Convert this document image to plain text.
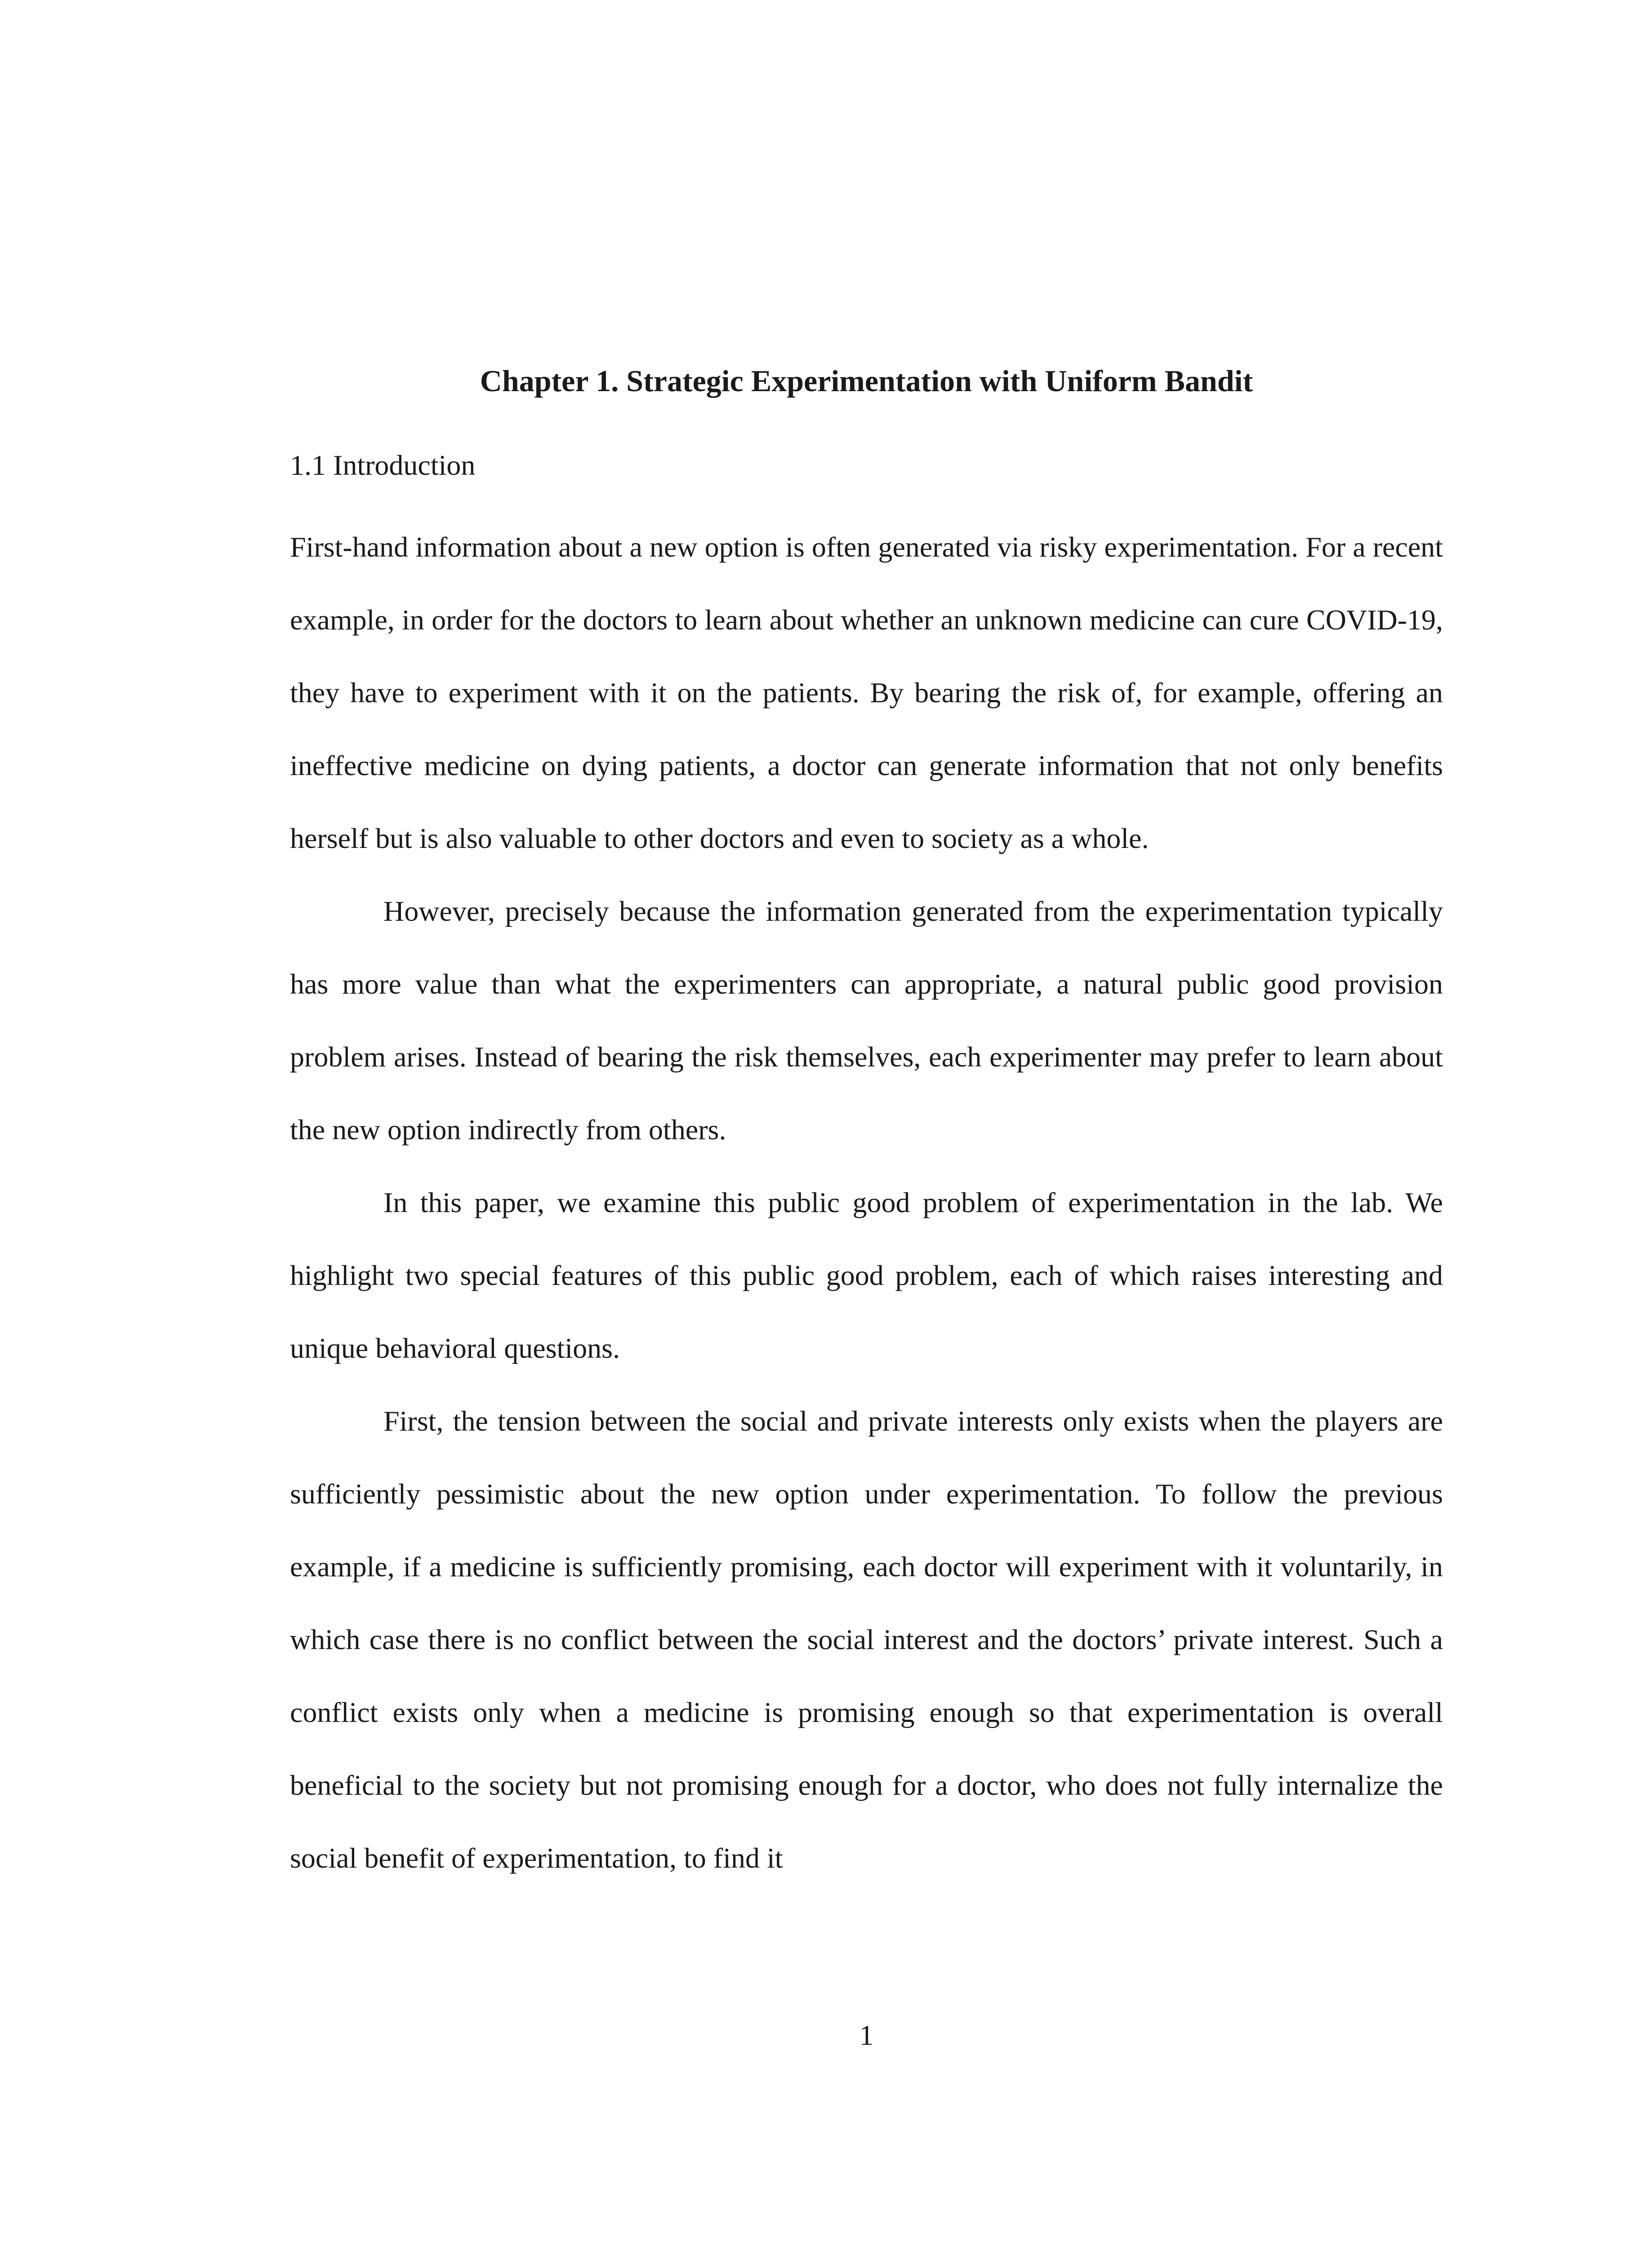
Chapter 1. Strategic Experimentation with Uniform Bandit
1.1 Introduction

First-hand information about a new option is often generated via risky experimentation. For a recent example, in order for the doctors to learn about whether an unknown medicine can cure COVID-19, they have to experiment with it on the patients. By bearing the risk of, for example, offering an ineffective medicine on dying patients, a doctor can generate information that not only benefits herself but is also valuable to other doctors and even to society as a whole.

However, precisely because the information generated from the experimentation typically has more value than what the experimenters can appropriate, a natural public good provision problem arises. Instead of bearing the risk themselves, each experimenter may prefer to learn about the new option indirectly from others.

In this paper, we examine this public good problem of experimentation in the lab. We highlight two special features of this public good problem, each of which raises interesting and unique behavioral questions.

First, the tension between the social and private interests only exists when the players are sufficiently pessimistic about the new option under experimentation. To follow the previous example, if a medicine is sufficiently promising, each doctor will experiment with it voluntarily, in which case there is no conflict between the social interest and the doctors’ private interest. Such a conflict exists only when a medicine is promising enough so that experimentation is overall beneficial to the society but not promising enough for a doctor, who does not fully internalize the social benefit of experimentation, to find it

1
